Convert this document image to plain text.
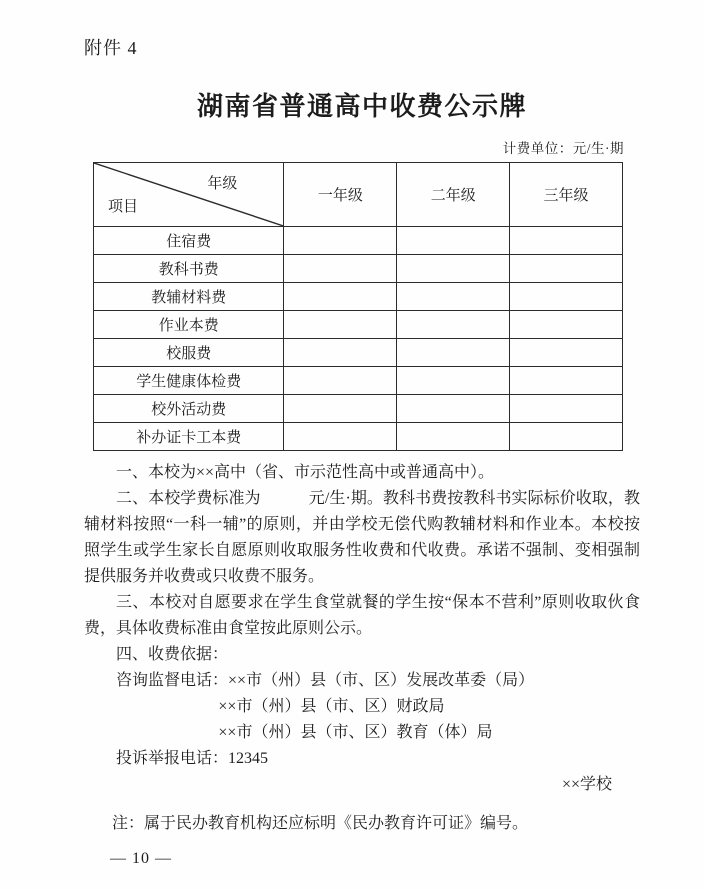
附件 4
湖南省普通高中收费公示牌
计费单位：元/生·期
年级
项目	一年级	二年级	三年级
住宿费			
教科书费			
教辅材料费			
作业本费			
校服费			
学生健康体检费			
校外活动费			
补办证卡工本费			

一、本校为××高中（省、市示范性高中或普通高中）。

二、本校学费标准为　　　元/生·期。教科书费按教科书实际标价收取，教辅材料按照“一科一辅”的原则，并由学校无偿代购教辅材料和作业本。本校按照学生或学生家长自愿原则收取服务性收费和代收费。承诺不强制、变相强制提供服务并收费或只收费不服务。

三、本校对自愿要求在学生食堂就餐的学生按“保本不营利”原则收取伙食费，具体收费标准由食堂按此原则公示。

四、收费依据：

咨询监督电话：××市（州）县（市、区）发展改革委（局）
××市（州）县（市、区）财政局
××市（州）县（市、区）教育（体）局
投诉举报电话：12345
××学校
注：属于民办教育机构还应标明《民办教育许可证》编号。
— 10 —
